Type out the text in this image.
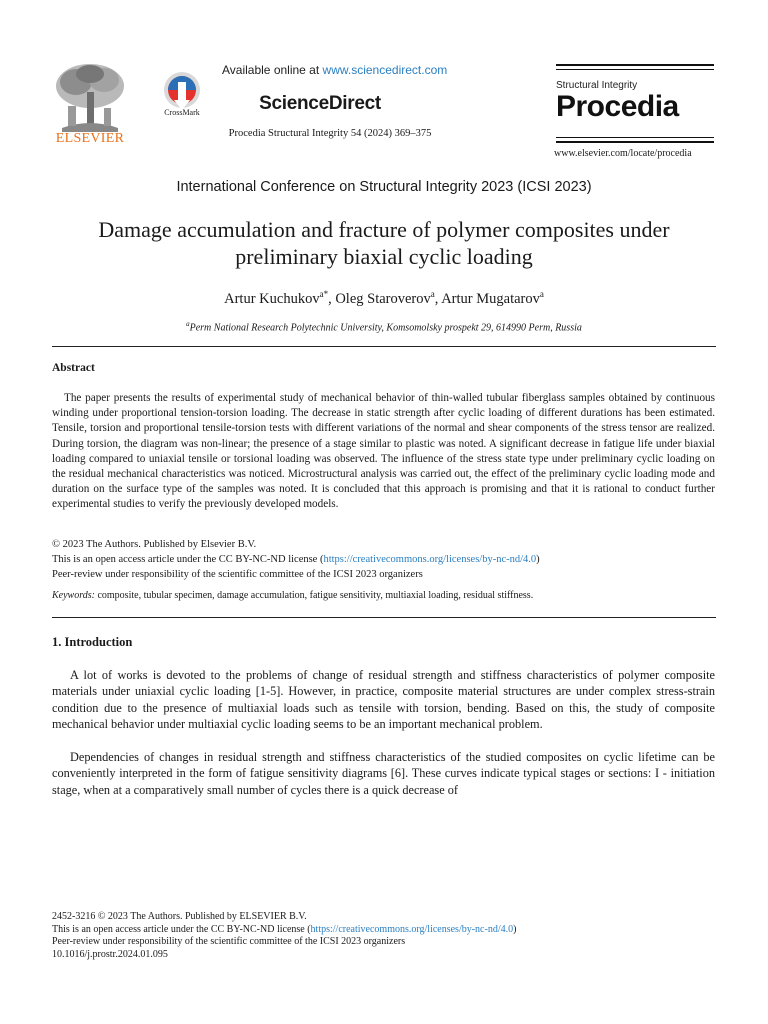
ELSEVIER
CrossMark
Available online at www.sciencedirect.com
ScienceDirect
Procedia Structural Integrity 54 (2024) 369–375
Structural Integrity
Procedia
www.elsevier.com/locate/procedia
International Conference on Structural Integrity 2023 (ICSI 2023)
Damage accumulation and fracture of polymer composites under
preliminary biaxial cyclic loading
Artur Kuchukov$^{a*}$, Oleg Staroverov$^a$, Artur Mugatarov$^a$
$^a$Perm National Research Polytechnic University, Komsomolsky prospekt 29, 614990 Perm, Russia
Abstract
The paper presents the results of experimental study of mechanical behavior of thin-walled tubular fiberglass samples obtained by continuous winding under proportional tension-torsion loading. The decrease in static strength after cyclic loading of different durations has been estimated. Tensile, torsion and proportional tensile-torsion tests with different variations of the normal and shear components of the stress tensor are realized. During torsion, the diagram was non-linear; the presence of a stage similar to plastic was noted. A significant decrease in fatigue life under biaxial loading compared to uniaxial tensile or torsional loading was observed. The influence of the stress state type under preliminary cyclic loading on the residual mechanical characteristics was noticed. Microstructural analysis was carried out, the effect of the preliminary cyclic loading mode and duration on the surface type of the samples was noted. It is concluded that this approach is promising and that it is rational to conduct further experimental studies to verify the previously developed models.
© 2023 The Authors. Published by Elsevier B.V.
This is an open access article under the CC BY-NC-ND license (https://creativecommons.org/licenses/by-nc-nd/4.0)
Peer-review under responsibility of the scientific committee of the ICSI 2023 organizers
Keywords: composite, tubular specimen, damage accumulation, fatigue sensitivity, multiaxial loading, residual stiffness.
1. Introduction
A lot of works is devoted to the problems of change of residual strength and stiffness characteristics of polymer composite materials under uniaxial cyclic loading [1-5]. However, in practice, composite material structures are under complex stress-strain condition due to the presence of multiaxial loads such as tensile with torsion, bending. Based on this, the study of composite mechanical behavior under multiaxial cyclic loading seems to be an important mechanical problem.
Dependencies of changes in residual strength and stiffness characteristics of the studied composites on cyclic lifetime can be conveniently interpreted in the form of fatigue sensitivity diagrams [6]. These curves indicate typical stages or sections: I - initiation stage, when at a comparatively small number of cycles there is a quick decrease of
2452-3216 © 2023 The Authors. Published by ELSEVIER B.V.
This is an open access article under the CC BY-NC-ND license (https://creativecommons.org/licenses/by-nc-nd/4.0)
Peer-review under responsibility of the scientific committee of the ICSI 2023 organizers
10.1016/j.prostr.2024.01.095
